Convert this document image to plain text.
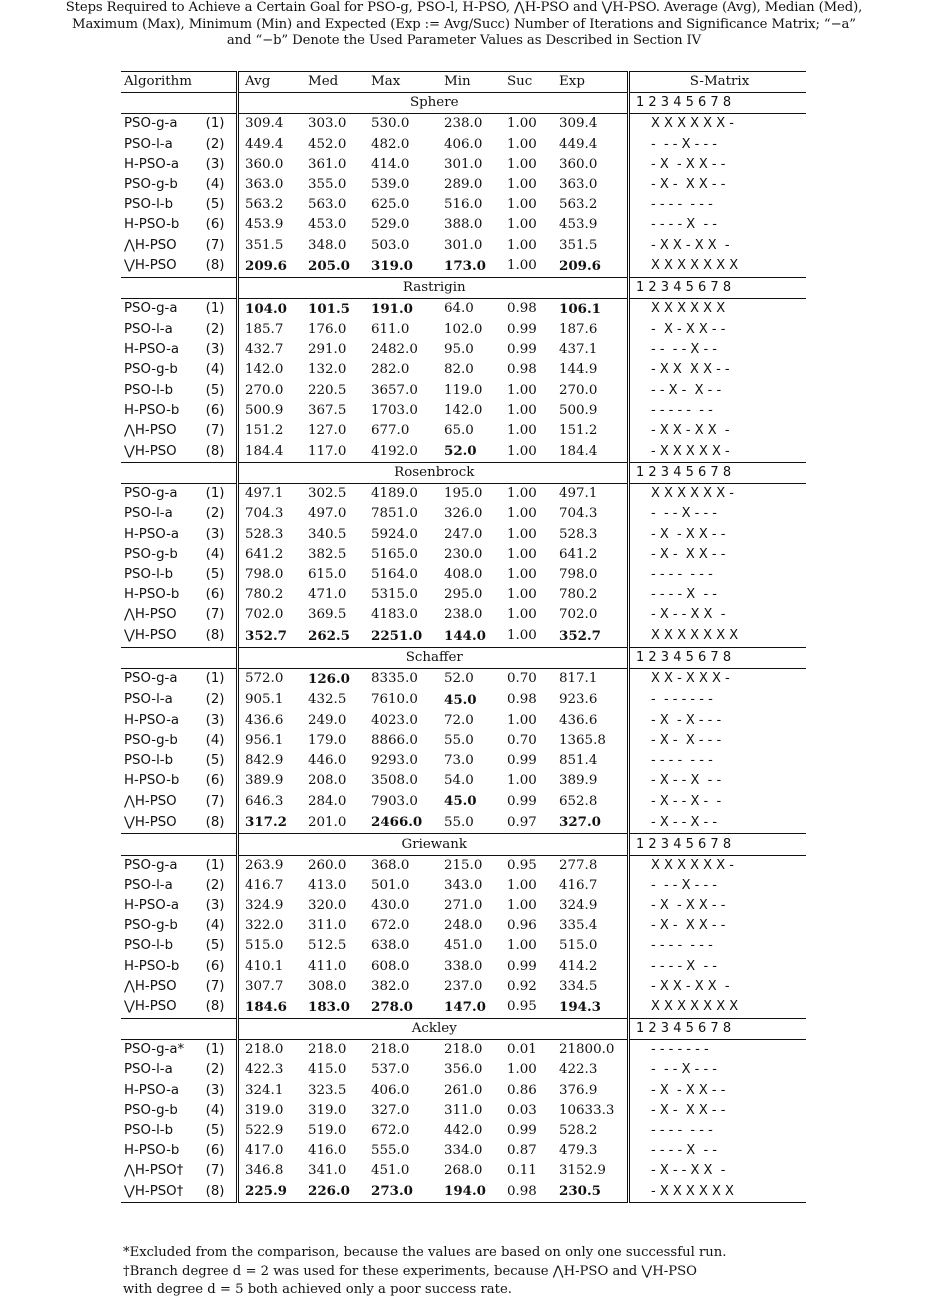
Steps Required to Achieve a Certain Goal for PSO-g, PSO-l, H-PSO, ⋀H-PSO and ⋁H-PSO. Average (Avg), Median (Med),
Maximum (Max), Minimum (Min) and Expected (Exp := Avg/Succ) Number of Iterations and Significance Matrix; “−a”
and “−b” Denote the Used Parameter Values as Described in Section IV
Algorithm		Avg	Med	Max	Min	Suc	Exp		S-Matrix
		Sphere							1 2 3 4 5 6 7 8
PSO-g-a (1)		309.4	303.0	530.0	238.0	1.00	309.4		X X X X X X -
PSO-l-a (2)		449.4	452.0	482.0	406.0	1.00	449.4		-  - - X - - -
H-PSO-a (3)		360.0	361.0	414.0	301.0	1.00	360.0		- X  - X X - -
PSO-g-b (4)		363.0	355.0	539.0	289.0	1.00	363.0		- X -  X X - -
PSO-l-b (5)		563.2	563.0	625.0	516.0	1.00	563.2		- - - -  - - -
H-PSO-b (6)		453.9	453.0	529.0	388.0	1.00	453.9		- - - - X  - -
⋀H-PSO (7)		351.5	348.0	503.0	301.0	1.00	351.5		- X X - X X  -
⋁H-PSO (8)		209.6	205.0	319.0	173.0	1.00	209.6		X X X X X X X
		Rastrigin							1 2 3 4 5 6 7 8
PSO-g-a (1)		104.0	101.5	191.0	64.0	0.98	106.1		X X X X X X
PSO-l-a (2)		185.7	176.0	611.0	102.0	0.99	187.6		-  X - X X - -
H-PSO-a (3)		432.7	291.0	2482.0	95.0	0.99	437.1		- -  - - X - -
PSO-g-b (4)		142.0	132.0	282.0	82.0	0.98	144.9		- X X  X X - -
PSO-l-b (5)		270.0	220.5	3657.0	119.0	1.00	270.0		- - X -  X - -
H-PSO-b (6)		500.9	367.5	1703.0	142.0	1.00	500.9		- - - - -  - -
⋀H-PSO (7)		151.2	127.0	677.0	65.0	1.00	151.2		- X X - X X  -
⋁H-PSO (8)		184.4	117.0	4192.0	52.0	1.00	184.4		- X X X X X -
		Rosenbrock							1 2 3 4 5 6 7 8
PSO-g-a (1)		497.1	302.5	4189.0	195.0	1.00	497.1		X X X X X X -
PSO-l-a (2)		704.3	497.0	7851.0	326.0	1.00	704.3		-  - - X - - -
H-PSO-a (3)		528.3	340.5	5924.0	247.0	1.00	528.3		- X  - X X - -
PSO-g-b (4)		641.2	382.5	5165.0	230.0	1.00	641.2		- X -  X X - -
PSO-l-b (5)		798.0	615.0	5164.0	408.0	1.00	798.0		- - - -  - - -
H-PSO-b (6)		780.2	471.0	5315.0	295.0	1.00	780.2		- - - - X  - -
⋀H-PSO (7)		702.0	369.5	4183.0	238.0	1.00	702.0		- X - - X X  -
⋁H-PSO (8)		352.7	262.5	2251.0	144.0	1.00	352.7		X X X X X X X
		Schaffer							1 2 3 4 5 6 7 8
PSO-g-a (1)		572.0	126.0	8335.0	52.0	0.70	817.1		X X - X X X -
PSO-l-a (2)		905.1	432.5	7610.0	45.0	0.98	923.6		-  - - - - - -
H-PSO-a (3)		436.6	249.0	4023.0	72.0	1.00	436.6		- X  - X - - -
PSO-g-b (4)		956.1	179.0	8866.0	55.0	0.70	1365.8		- X -  X - - -
PSO-l-b (5)		842.9	446.0	9293.0	73.0	0.99	851.4		- - - -  - - -
H-PSO-b (6)		389.9	208.0	3508.0	54.0	1.00	389.9		- X - - X  - -
⋀H-PSO (7)		646.3	284.0	7903.0	45.0	0.99	652.8		- X - - X -  -
⋁H-PSO (8)		317.2	201.0	2466.0	55.0	0.97	327.0		- X - - X - -
		Griewank							1 2 3 4 5 6 7 8
PSO-g-a (1)		263.9	260.0	368.0	215.0	0.95	277.8		X X X X X X -
PSO-l-a (2)		416.7	413.0	501.0	343.0	1.00	416.7		-  - - X - - -
H-PSO-a (3)		324.9	320.0	430.0	271.0	1.00	324.9		- X  - X X - -
PSO-g-b (4)		322.0	311.0	672.0	248.0	0.96	335.4		- X -  X X - -
PSO-l-b (5)		515.0	512.5	638.0	451.0	1.00	515.0		- - - -  - - -
H-PSO-b (6)		410.1	411.0	608.0	338.0	0.99	414.2		- - - - X  - -
⋀H-PSO (7)		307.7	308.0	382.0	237.0	0.92	334.5		- X X - X X  -
⋁H-PSO (8)		184.6	183.0	278.0	147.0	0.95	194.3		X X X X X X X
		Ackley							1 2 3 4 5 6 7 8
PSO-g-a* (1)		218.0	218.0	218.0	218.0	0.01	21800.0		- - - - - - -
PSO-l-a (2)		422.3	415.0	537.0	356.0	1.00	422.3		-  - - X - - -
H-PSO-a (3)		324.1	323.5	406.0	261.0	0.86	376.9		- X  - X X - -
PSO-g-b (4)		319.0	319.0	327.0	311.0	0.03	10633.3		- X -  X X - -
PSO-l-b (5)		522.9	519.0	672.0	442.0	0.99	528.2		- - - -  - - -
H-PSO-b (6)		417.0	416.0	555.0	334.0	0.87	479.3		- - - - X  - -
⋀H-PSO† (7)		346.8	341.0	451.0	268.0	0.11	3152.9		- X - - X X  -
⋁H-PSO† (8)		225.9	226.0	273.0	194.0	0.98	230.5		- X X X X X X
*Excluded from the comparison, because the values are based on only one successful run.
†Branch degree d = 2 was used for these experiments, because ⋀H-PSO and ⋁H-PSO
with degree d = 5 both achieved only a poor success rate.
